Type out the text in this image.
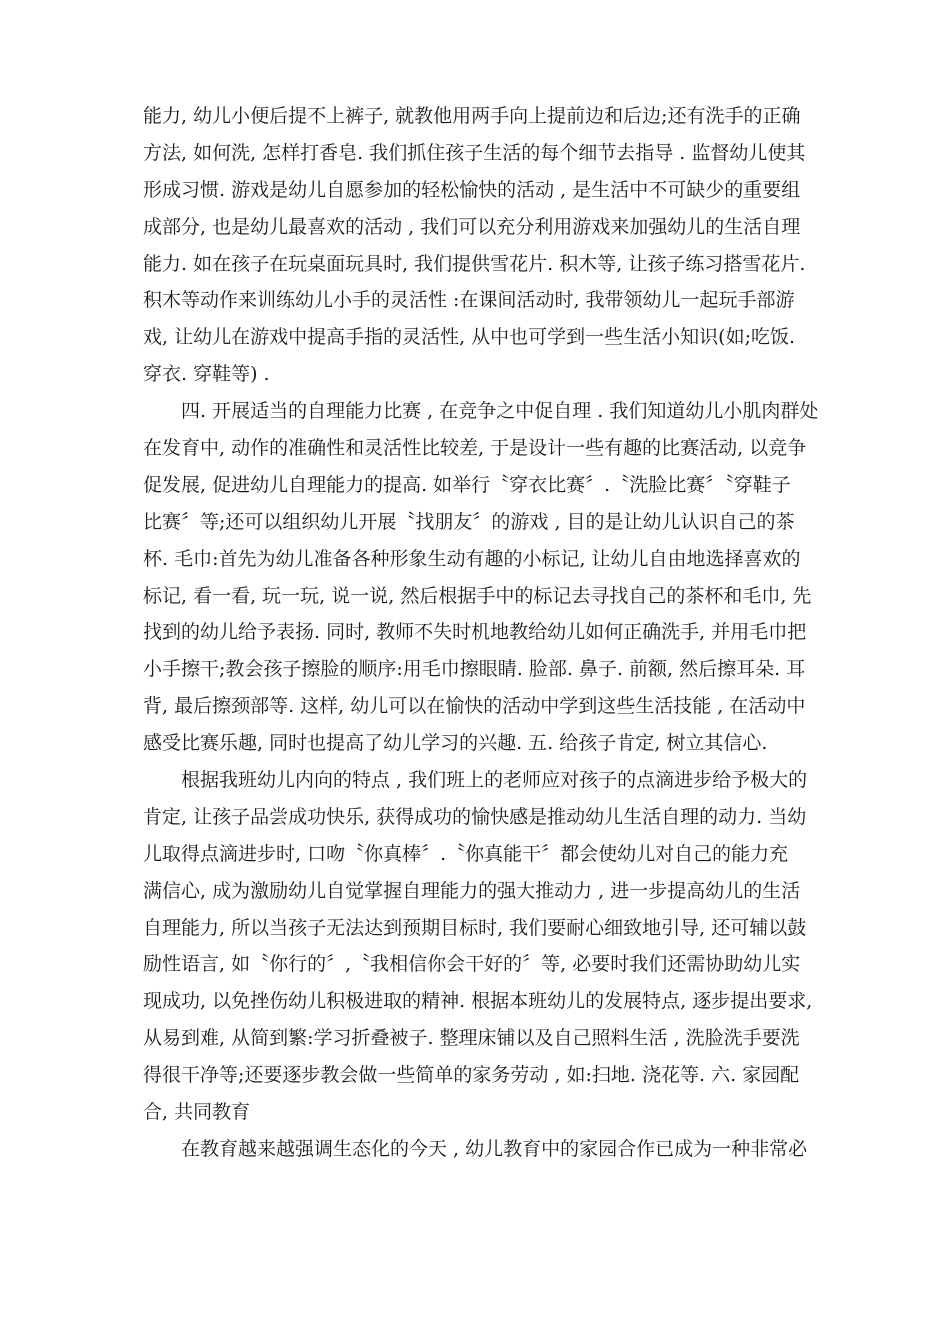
能力, 幼儿小便后提不上裤子, 就教他用两手向上提前边和后边;还有洗手的正确
方法, 如何洗, 怎样打香皂. 我们抓住孩子生活的每个细节去指导 . 监督幼儿使其
形成习惯. 游戏是幼儿自愿参加的轻松愉快的活动 , 是生活中不可缺少的重要组
成部分, 也是幼儿最喜欢的活动 , 我们可以充分利用游戏来加强幼儿的生活自理
能力. 如在孩子在玩桌面玩具时, 我们提供雪花片. 积木等, 让孩子练习搭雪花片.
积木等动作来训练幼儿小手的灵活性 :在课间活动时, 我带领幼儿一起玩手部游
戏, 让幼儿在游戏中提高手指的灵活性, 从中也可学到一些生活小知识(如;吃饭.
穿衣. 穿鞋等) .
四. 开展适当的自理能力比赛 , 在竞争之中促自理 . 我们知道幼儿小肌肉群处
在发育中, 动作的准确性和灵活性比较差, 于是设计一些有趣的比赛活动, 以竞争
促发展, 促进幼儿自理能力的提高. 如举行〝穿衣比赛〞.〝洗脸比赛〞〝穿鞋子
比赛〞等;还可以组织幼儿开展〝找朋友〞的游戏 , 目的是让幼儿认识自己的茶
杯. 毛巾:首先为幼儿准备各种形象生动有趣的小标记, 让幼儿自由地选择喜欢的
标记, 看一看, 玩一玩, 说一说, 然后根据手中的标记去寻找自己的茶杯和毛巾, 先
找到的幼儿给予表扬. 同时, 教师不失时机地教给幼儿如何正确洗手, 并用毛巾把
小手擦干;教会孩子擦脸的顺序:用毛巾擦眼睛. 脸部. 鼻子. 前额, 然后擦耳朵. 耳
背, 最后擦颈部等. 这样, 幼儿可以在愉快的活动中学到这些生活技能 , 在活动中
感受比赛乐趣, 同时也提高了幼儿学习的兴趣. 五. 给孩子肯定, 树立其信心.
根据我班幼儿内向的特点 , 我们班上的老师应对孩子的点滴进步给予极大的
肯定, 让孩子品尝成功快乐, 获得成功的愉快感是推动幼儿生活自理的动力. 当幼
儿取得点滴进步时, 口吻〝你真棒〞.〝你真能干〞都会使幼儿对自己的能力充
满信心, 成为激励幼儿自觉掌握自理能力的强大推动力 , 进一步提高幼儿的生活
自理能力, 所以当孩子无法达到预期目标时, 我们要耐心细致地引导, 还可辅以鼓
励性语言, 如〝你行的〞,〝我相信你会干好的〞等, 必要时我们还需协助幼儿实
现成功, 以免挫伤幼儿积极进取的精神. 根据本班幼儿的发展特点, 逐步提出要求,
从易到难, 从简到繁:学习折叠被子. 整理床铺以及自己照料生活 , 洗脸洗手要洗
得很干净等;还要逐步教会做一些简单的家务劳动 , 如:扫地. 浇花等. 六. 家园配
合, 共同教育
在教育越来越强调生态化的今天 , 幼儿教育中的家园合作已成为一种非常必
